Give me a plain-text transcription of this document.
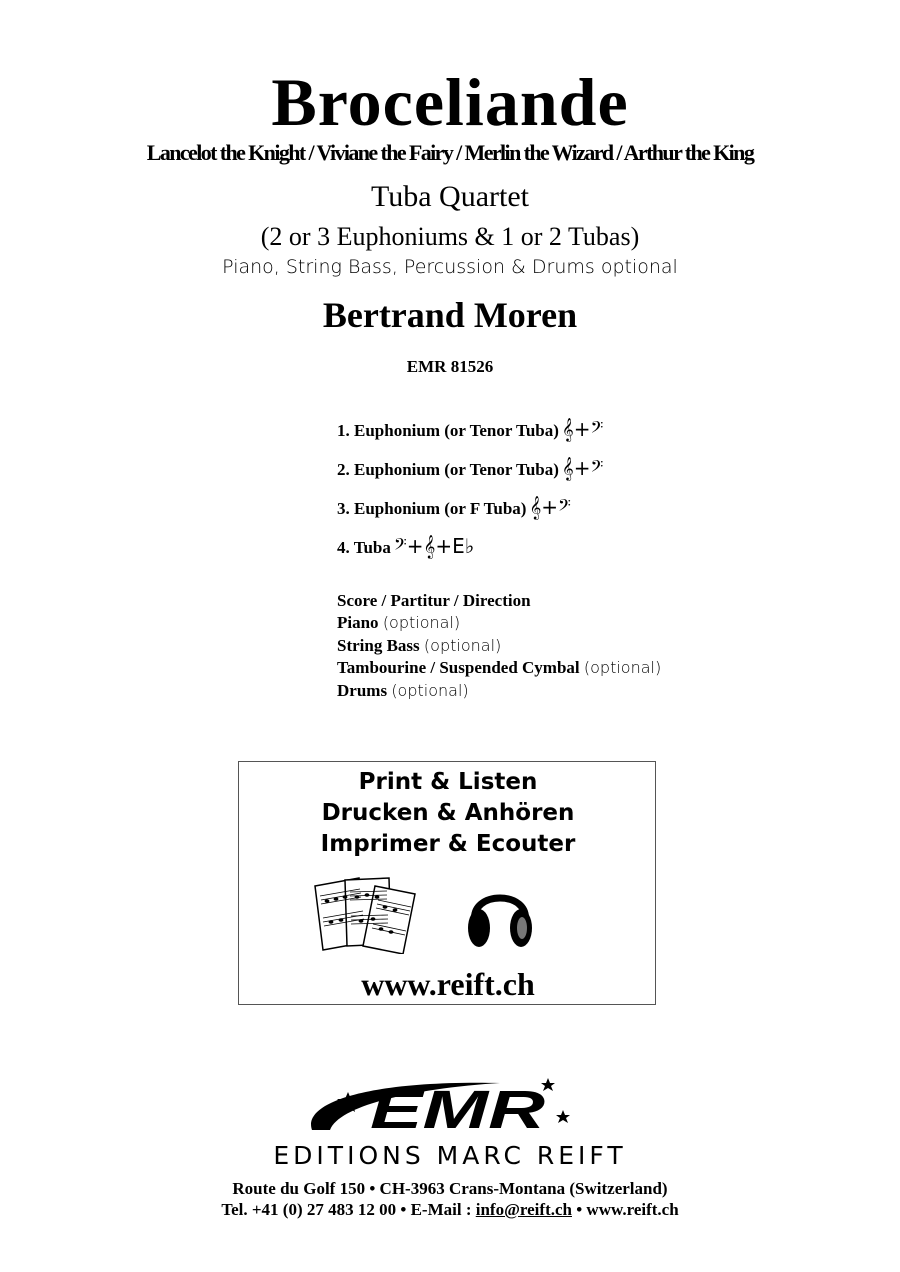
Broceliande
Lancelot the Knight / Viviane the Fairy / Merlin the Wizard / Arthur the King
Tuba Quartet
(2 or 3 Euphoniums & 1 or 2 Tubas)
Piano, String Bass, Percussion & Drums optional
Bertrand Moren
EMR 81526
1. Euphonium (or Tenor Tuba) 𝄞+𝄢
2. Euphonium (or Tenor Tuba) 𝄞+𝄢
3. Euphonium (or F Tuba) 𝄞+𝄢
4. Tuba 𝄢+𝄞+E♭
Score / Partitur / Direction
Piano (optional)
String Bass (optional)
Tambourine / Suspended Cymbal (optional)
Drums (optional)
Print & Listen
Drucken & Anhören
Imprimer & Ecouter
www.reift.ch
EMR
EDITIONS MARC REIFT
Route du Golf 150 • CH-3963 Crans-Montana (Switzerland)
Tel. +41 (0) 27 483 12 00 • E-Mail : info@reift.ch • www.reift.ch
